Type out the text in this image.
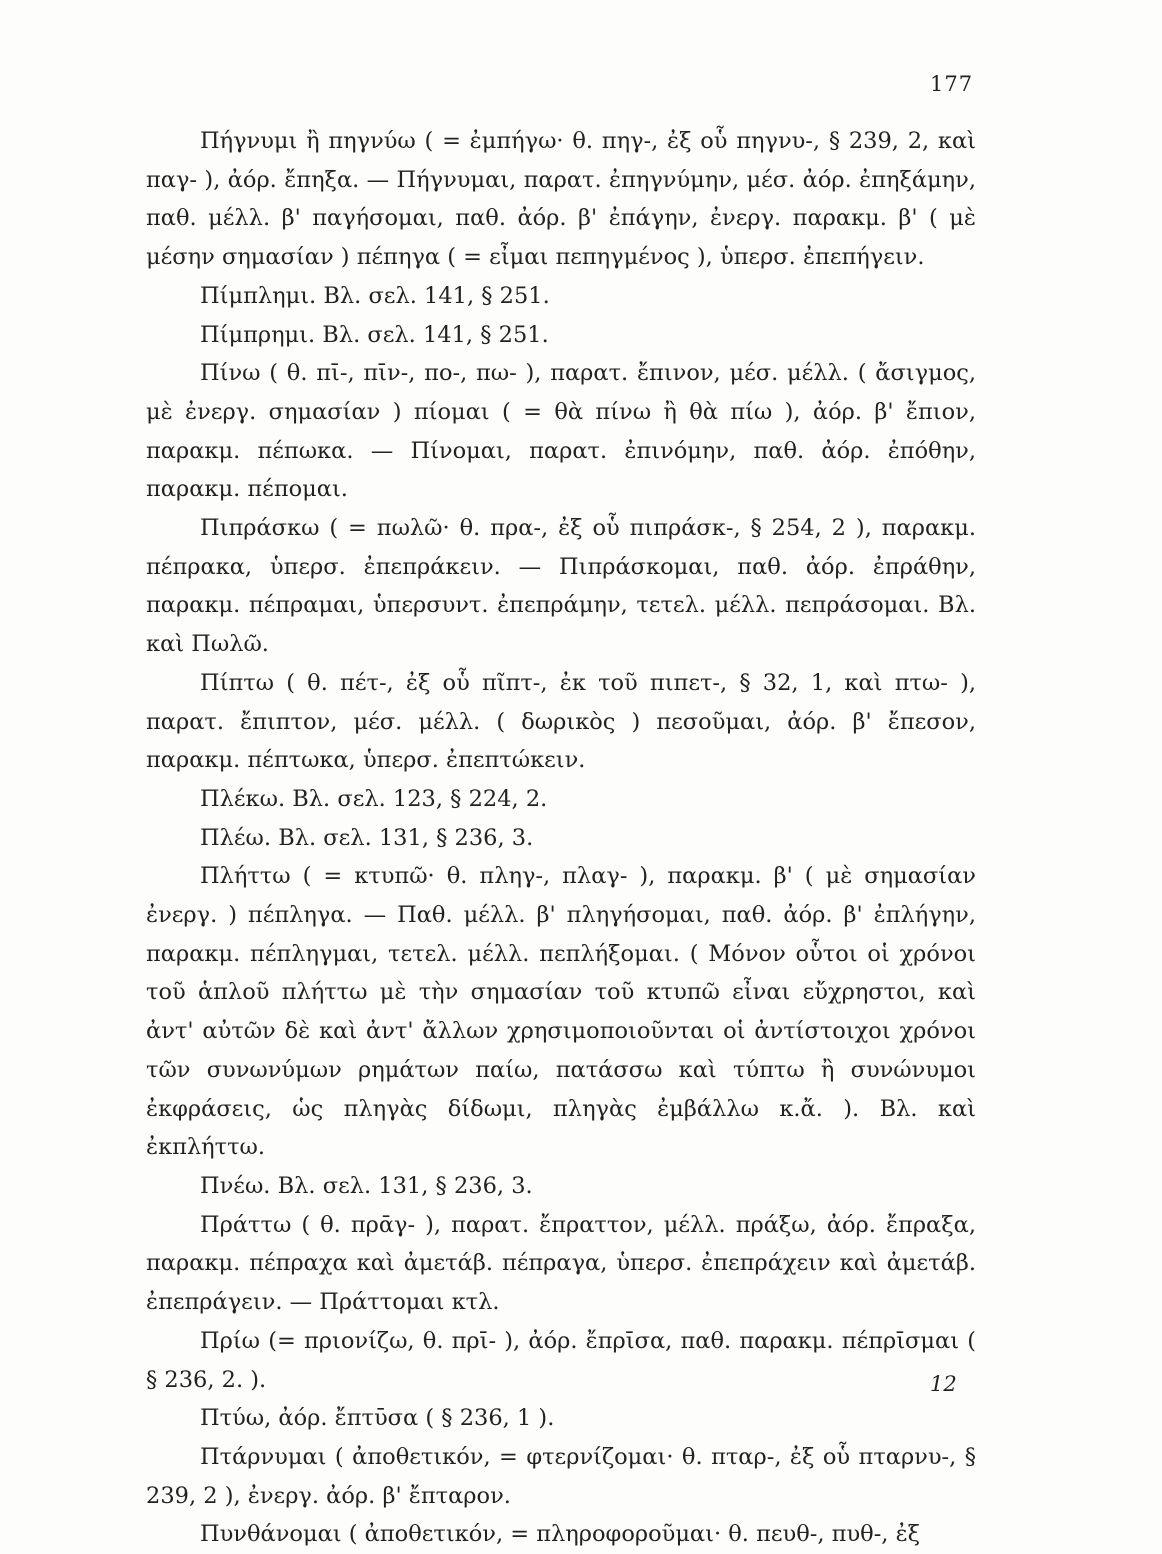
177

Πήγνυμι ἢ πηγνύω ( = ἐμπήγω· θ. πηγ-, ἐξ οὗ πηγνυ-, § 239, 2, καὶ παγ- ), ἀόρ. ἔπηξα. — Πήγνυμαι, παρατ. ἐπηγνύμην, μέσ. ἀόρ. ἐπηξάμην, παθ. μέλλ. β' παγήσομαι, παθ. ἀόρ. β' ἐπάγην, ἐνεργ. παρακμ. β' ( μὲ μέσην σημασίαν ) πέπηγα ( = εἶμαι πεπηγμένος ), ὑπερσ. ἐπεπήγειν.

Πίμπλημι. Βλ. σελ. 141, § 251.

Πίμπρημι. Βλ. σελ. 141, § 251.

Πίνω ( θ. πῑ-, πῑν-, πο-, πω- ), παρατ. ἔπινον, μέσ. μέλλ. ( ἄσιγμος, μὲ ἐνεργ. σημασίαν ) πίομαι ( = θὰ πίνω ἢ θὰ πίω ), ἀόρ. β' ἔπιον, παρακμ. πέπωκα. — Πίνομαι, παρατ. ἐπινόμην, παθ. ἀόρ. ἐπόθην, παρακμ. πέπομαι.

Πιπράσκω ( = πωλῶ· θ. πρα-, ἐξ οὗ πιπράσκ-, § 254, 2 ), παρακμ. πέπρακα, ὑπερσ. ἐπεπράκειν. — Πιπράσκομαι, παθ. ἀόρ. ἐπράθην, παρακμ. πέπραμαι, ὑπερσυντ. ἐπεπράμην, τετελ. μέλλ. πεπράσομαι. Βλ. καὶ Πωλῶ.

Πίπτω ( θ. πέτ-, ἐξ οὗ πῖπτ-, ἐκ τοῦ πιπετ-, § 32, 1, καὶ πτω- ), παρατ. ἔπιπτον, μέσ. μέλλ. ( δωρικὸς ) πεσοῦμαι, ἀόρ. β' ἔπεσον, παρακμ. πέπτωκα, ὑπερσ. ἐπεπτώκειν.

Πλέκω. Βλ. σελ. 123, § 224, 2.

Πλέω. Βλ. σελ. 131, § 236, 3.

Πλήττω ( = κτυπῶ· θ. πληγ-, πλαγ- ), παρακμ. β' ( μὲ σημασίαν ἐνεργ. ) πέπληγα. — Παθ. μέλλ. β' πληγήσομαι, παθ. ἀόρ. β' ἐπλήγην, παρακμ. πέπληγμαι, τετελ. μέλλ. πεπλήξομαι. ( Μόνον οὗτοι οἱ χρόνοι τοῦ ἁπλοῦ πλήττω μὲ τὴν σημασίαν τοῦ κτυπῶ εἶναι εὔχρηστοι, καὶ ἀντ' αὐτῶν δὲ καὶ ἀντ' ἄλλων χρησιμοποιοῦνται οἱ ἀντίστοιχοι χρόνοι τῶν συνωνύμων ρημάτων παίω, πατάσσω καὶ τύπτω ἢ συνώνυμοι ἐκφράσεις, ὡς πληγὰς δίδωμι, πληγὰς ἐμβάλλω κ.ἄ. ). Βλ. καὶ ἐκπλήττω.

Πνέω. Βλ. σελ. 131, § 236, 3.

Πράττω ( θ. πρᾱγ- ), παρατ. ἔπραττον, μέλλ. πράξω, ἀόρ. ἔπραξα, παρακμ. πέπραχα καὶ ἀμετάβ. πέπραγα, ὑπερσ. ἐπεπράχειν καὶ ἀμετάβ. ἐπεπράγειν. — Πράττομαι κτλ.

Πρίω (= πριονίζω, θ. πρῑ- ), ἀόρ. ἔπρῑσα, παθ. παρακμ. πέπρῑσμαι ( § 236, 2. ).

Πτύω, ἀόρ. ἔπτῡσα ( § 236, 1 ).

Πτάρνυμαι ( ἀποθετικόν, = φτερνίζομαι· θ. πταρ-, ἐξ οὗ πταρνυ-, § 239, 2 ), ἐνεργ. ἀόρ. β' ἔπταρον.

Πυνθάνομαι ( ἀποθετικόν, = πληροφοροῦμαι· θ. πευθ-, πυθ-, ἐξ

12
